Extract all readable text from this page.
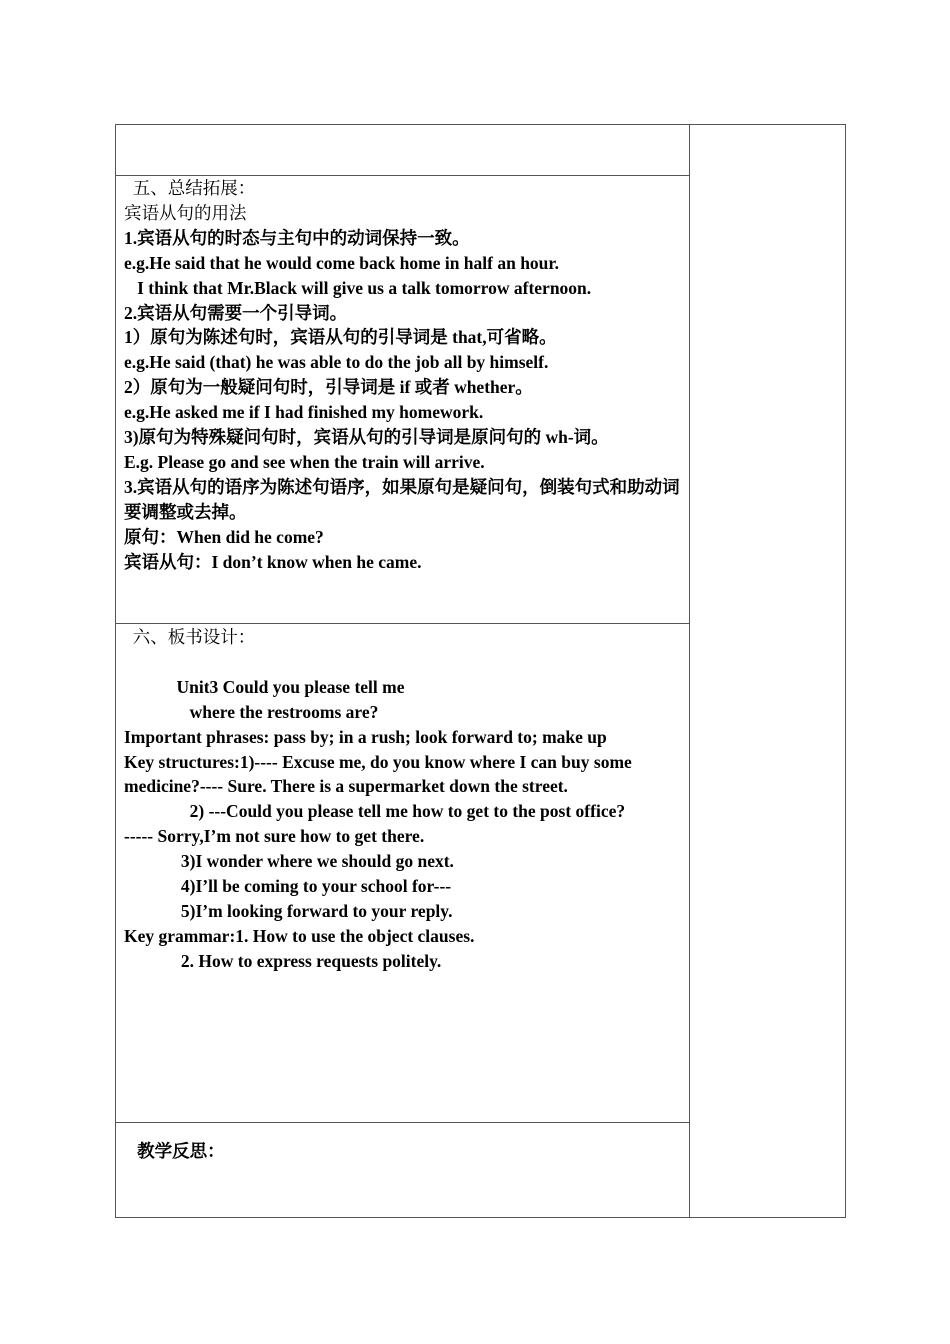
五、总结拓展：
宾语从句的用法
1.宾语从句的时态与主句中的动词保持一致。
e.g.He said that he would come back home in half an hour.
I think that Mr.Black will give us a talk tomorrow afternoon.
2.宾语从句需要一个引导词。
1）原句为陈述句时，宾语从句的引导词是 that,可省略。
e.g.He said (that) he was able to do the job all by himself.
2）原句为一般疑问句时，引导词是 if 或者 whether。
e.g.He asked me if I had finished my homework.
3)原句为特殊疑问句时，宾语从句的引导词是原问句的 wh-词。
E.g. Please go and see when the train will arrive.
3.宾语从句的语序为陈述句语序，如果原句是疑问句，倒装句式和助动词要调整或去掉。
原句：When did he come?
宾语从句：I don’t know when he came.
六、板书设计：

Unit3 Could you please tell me
where the restrooms are?
Important phrases: pass by; in a rush; look forward to; make up
Key structures:1)---- Excuse me, do you know where I can buy some medicine?---- Sure. There is a supermarket down the street.
2) ---Could you please tell me how to get to the post office?
----- Sorry,I’m not sure how to get there.
3)I wonder where we should go next.
4)I’ll be coming to your school for---
5)I’m looking forward to your reply.
Key grammar:1. How to use the object clauses.
2. How to express requests politely.
教学反思：
